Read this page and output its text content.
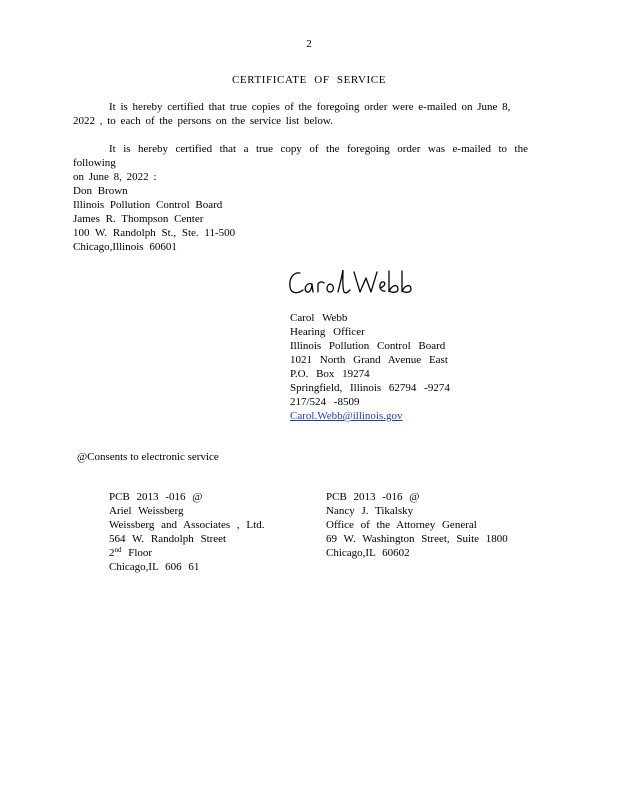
2
CERTIFICATE OF SERVICE

It is hereby certified that true copies of the foregoing order were e-mailed on June 8,

2022 , to each of the persons on the service list below.

It is hereby certified that a true copy of the foregoing order was e-mailed to the following

on June 8, 2022 :

Don Brown
Illinois Pollution Control Board
James R. Thompson Center
100 W. Randolph St., Ste. 11-500
Chicago,Illinois 60601
Carol Webb
Hearing Officer
Illinois Pollution Control Board
1021 North Grand Avenue East
P.O. Box 19274
Springfield, Illinois 62794 -9274
217/524 -8509
Carol.Webb@illinois.gov
@Consents to electronic service
PCB 2013 -016 @
Ariel Weissberg
Weissberg and Associates , Ltd.
564 W. Randolph Street
2nd Floor
Chicago,IL 606 61
PCB 2013 -016 @
Nancy J. Tikalsky
Office of the Attorney General
69 W. Washington Street, Suite 1800
Chicago,IL 60602
